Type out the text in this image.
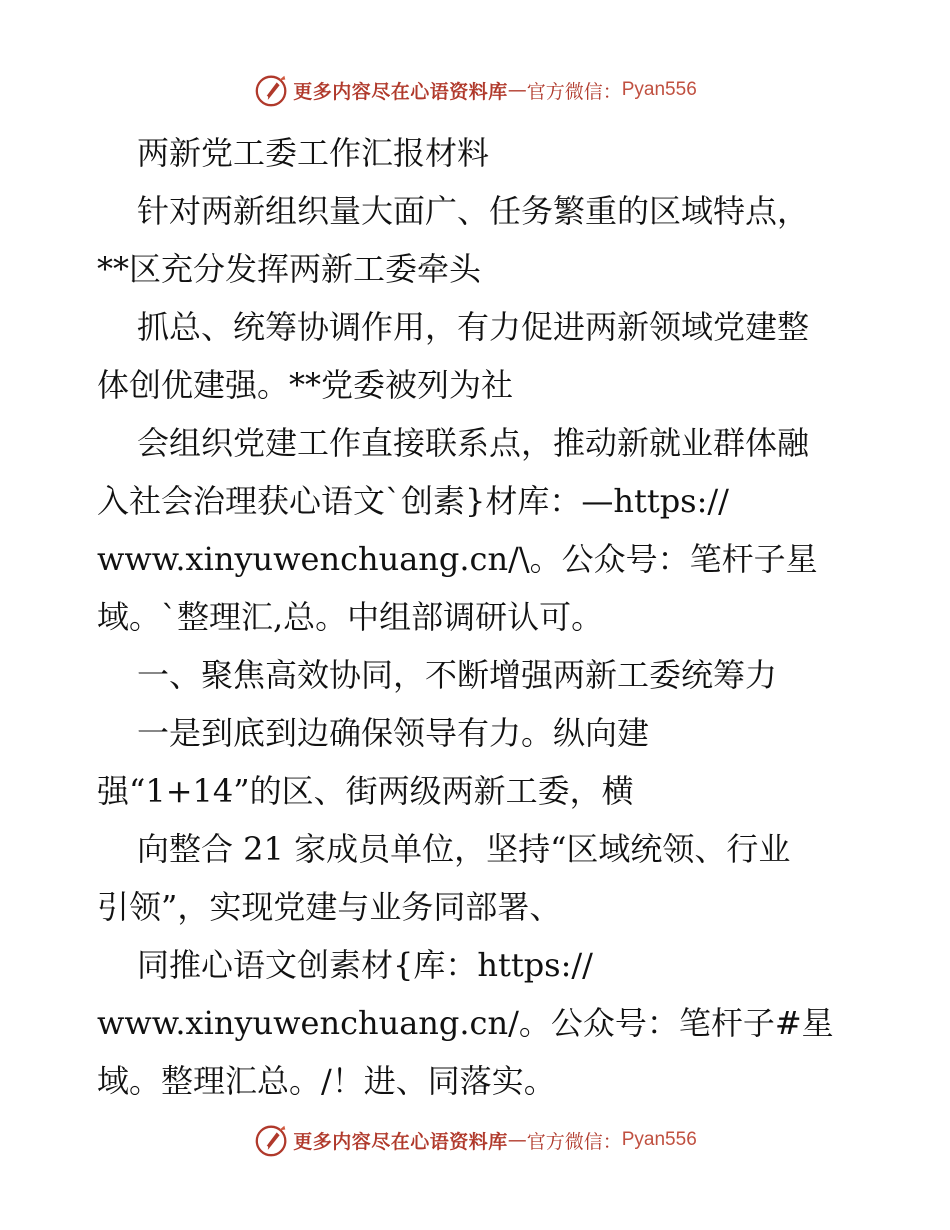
更多内容尽在心语资料库 — 官方微信： Pyan556
两新党工委工作汇报材料
针对两新组织量大面广、任务繁重的区域特点，
**区充分发挥两新工委牵头
抓总、统筹协调作用，有力促进两新领域党建整
体创优建强。**党委被列为社
会组织党建工作直接联系点，推动新就业群体融
入社会治理获心语文`创素}材库：—https://
www.xinyuwenchuang.cn/\。公众号：笔杆子星
域。`整理汇,总。中组部调研认可。
一、聚焦高效协同，不断增强两新工委统筹力
一是到底到边确保领导有力。纵向建
强“1+14”的区、街两级两新工委，横
向整合 21 家成员单位，坚持“区域统领、行业
引领”，实现党建与业务同部署、
同推心语文创素材{库：https://
www.xinyuwenchuang.cn/。公众号：笔杆子#星
域。整理汇总。/！进、同落实。
更多内容尽在心语资料库 — 官方微信： Pyan556
